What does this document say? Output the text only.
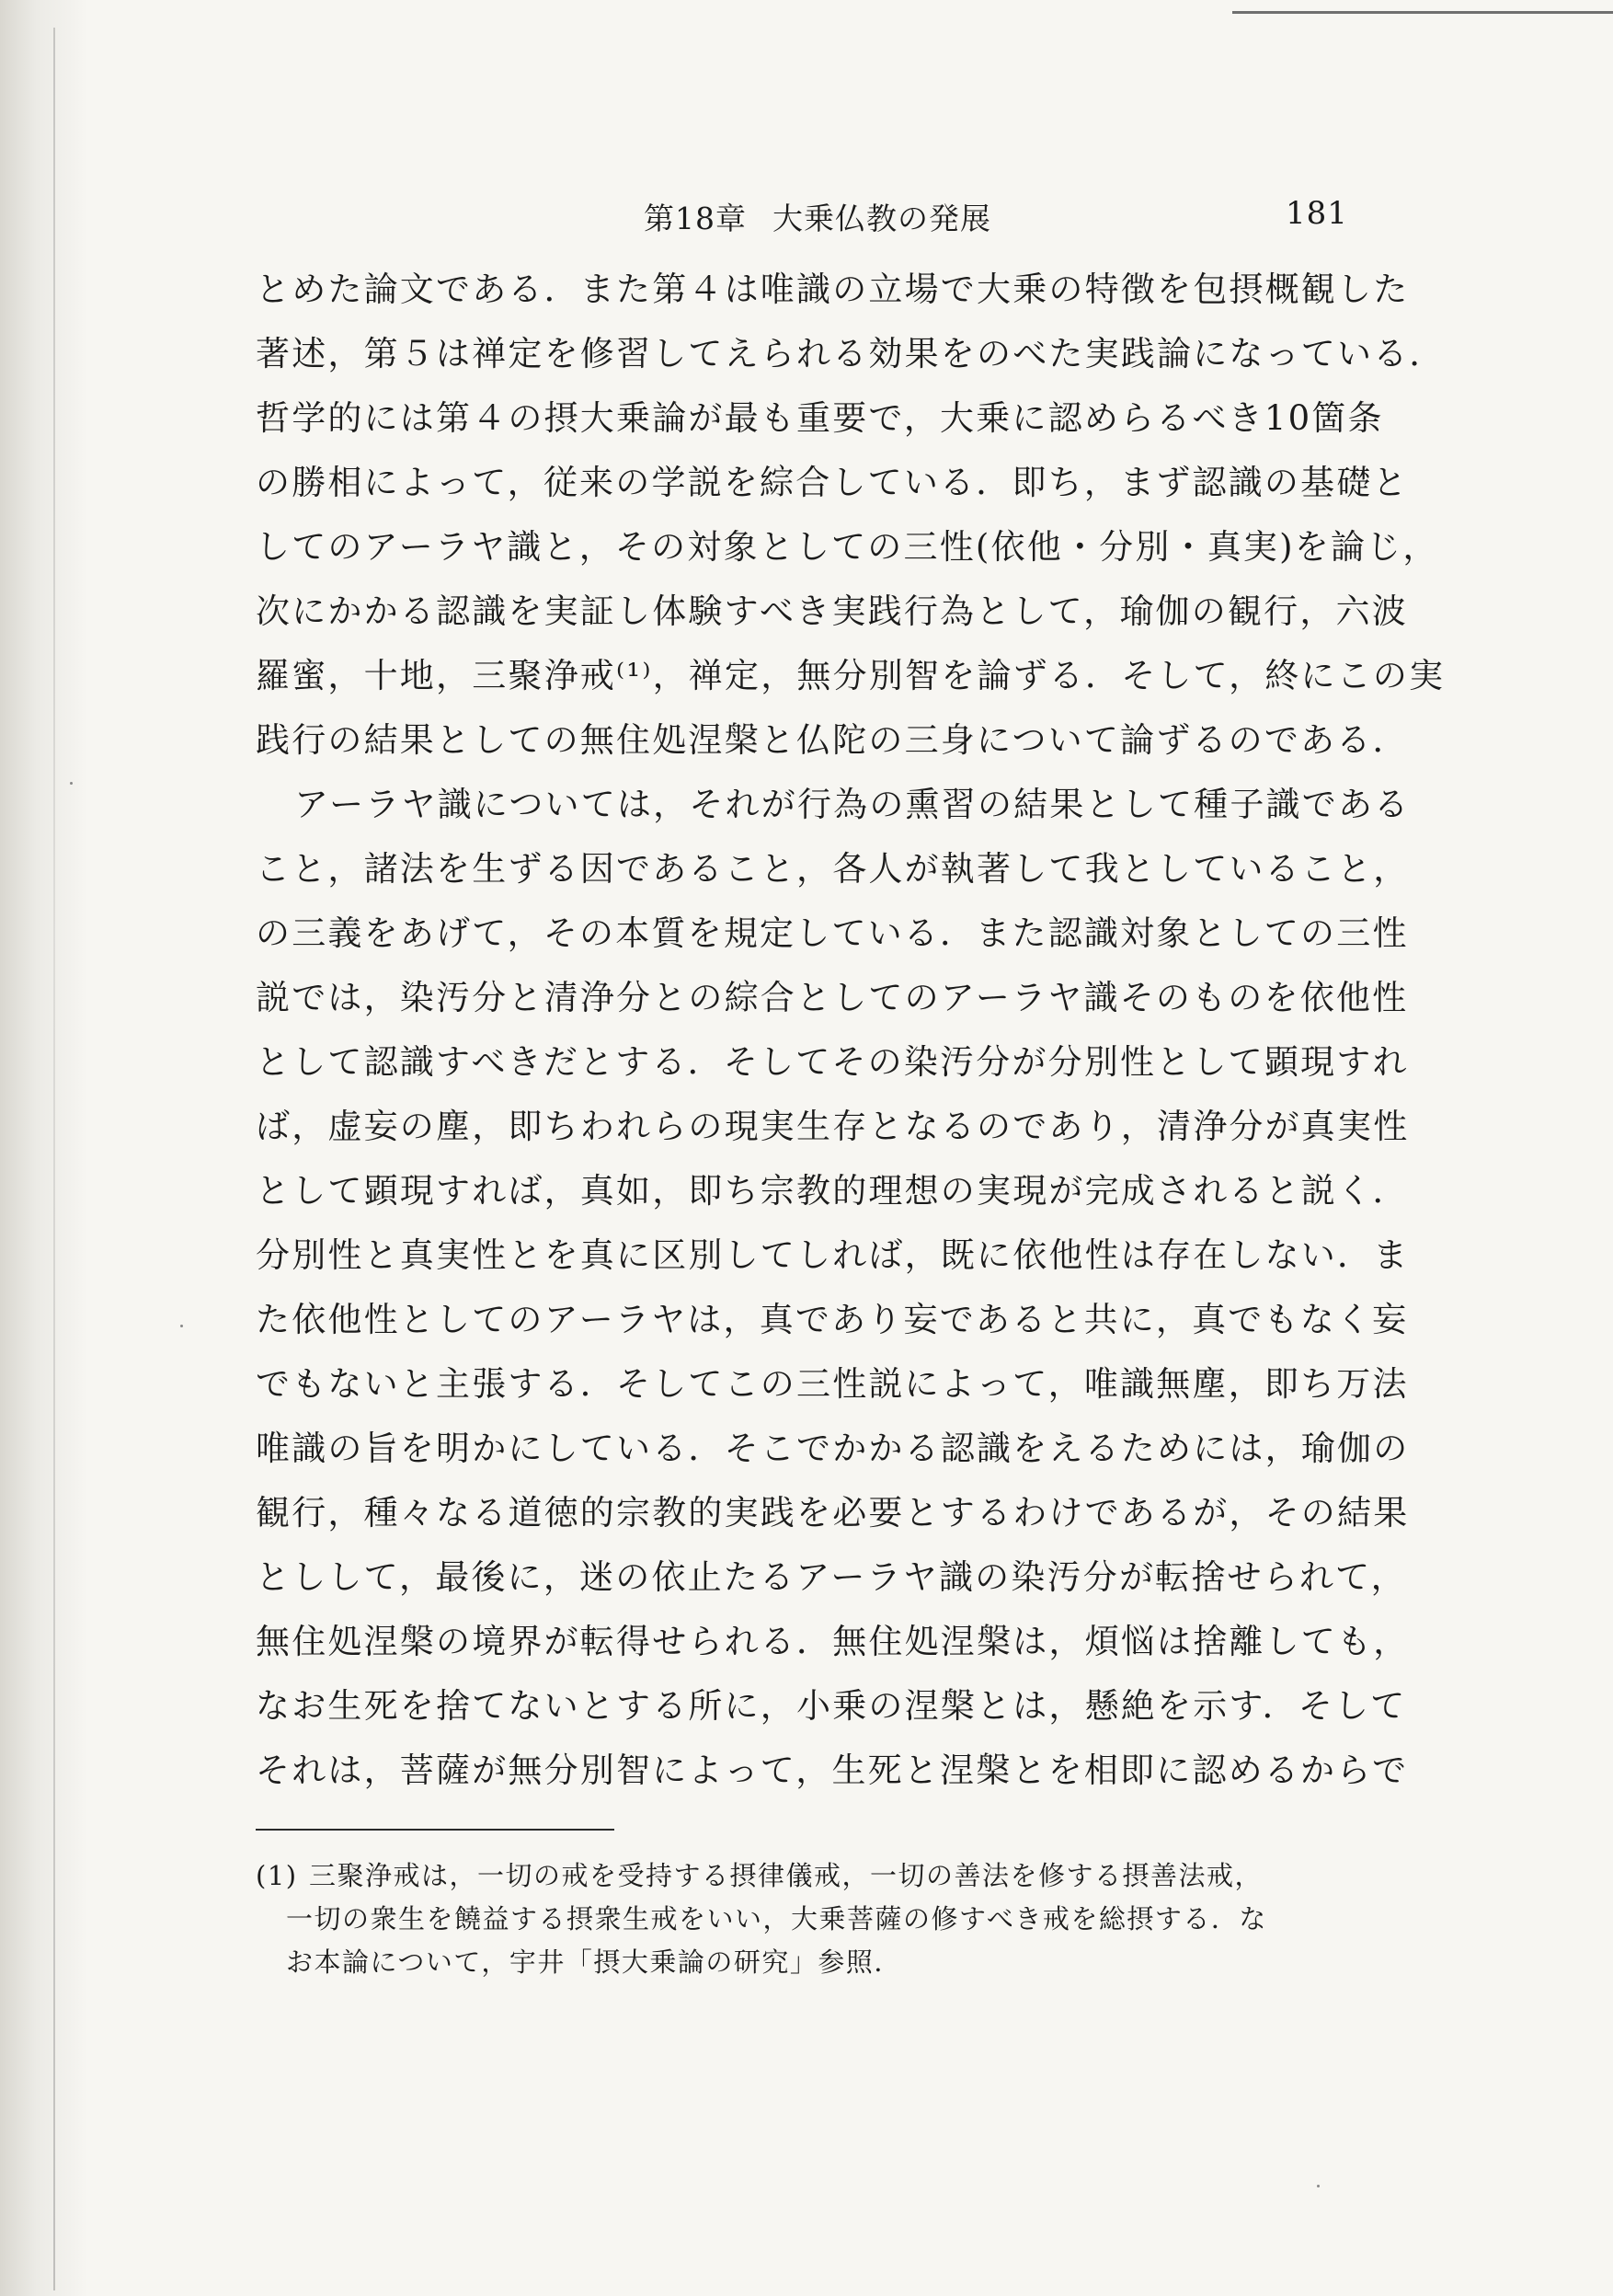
第18章 大乗仏教の発展	181
とめた論文である．また第４は唯識の立場で大乗の特徴を包摂概観した
著述，第５は禅定を修習してえられる効果をのべた実践論になっている．
哲学的には第４の摂大乗論が最も重要で，大乗に認めらるべき10箇条
の勝相によって，従来の学説を綜合している．即ち，まず認識の基礎と
してのアーラヤ識と，その対象としての三性(依他・分別・真実)を論じ，
次にかかる認識を実証し体験すべき実践行為として，瑜伽の観行，六波
羅蜜，十地，三聚浄戒⁽¹⁾，禅定，無分別智を論ずる．そして，終にこの実
践行の結果としての無住処涅槃と仏陀の三身について論ずるのである．
アーラヤ識については，それが行為の熏習の結果として種子識である
こと，諸法を生ずる因であること，各人が執著して我としていること，
の三義をあげて，その本質を規定している．また認識対象としての三性
説では，染汚分と清浄分との綜合としてのアーラヤ識そのものを依他性
として認識すべきだとする．そしてその染汚分が分別性として顕現すれ
ば，虚妄の塵，即ちわれらの現実生存となるのであり，清浄分が真実性
として顕現すれば，真如，即ち宗教的理想の実現が完成されると説く．
分別性と真実性とを真に区別してしれば，既に依他性は存在しない．ま
た依他性としてのアーラヤは，真であり妄であると共に，真でもなく妄
でもないと主張する．そしてこの三性説によって，唯識無塵，即ち万法
唯識の旨を明かにしている．そこでかかる認識をえるためには，瑜伽の
観行，種々なる道徳的宗教的実践を必要とするわけであるが，その結果
としして，最後に，迷の依止たるアーラヤ識の染汚分が転捨せられて，
無住処涅槃の境界が転得せられる．無住処涅槃は，煩悩は捨離しても，
なお生死を捨てないとする所に，小乗の涅槃とは，懸絶を示す．そして
それは，菩薩が無分別智によって，生死と涅槃とを相即に認めるからで
(1) 三聚浄戒は，一切の戒を受持する摂律儀戒，一切の善法を修する摂善法戒，
一切の衆生を饒益する摂衆生戒をいい，大乗菩薩の修すべき戒を総摂する．な
お本論について，宇井「摂大乗論の研究」参照．
